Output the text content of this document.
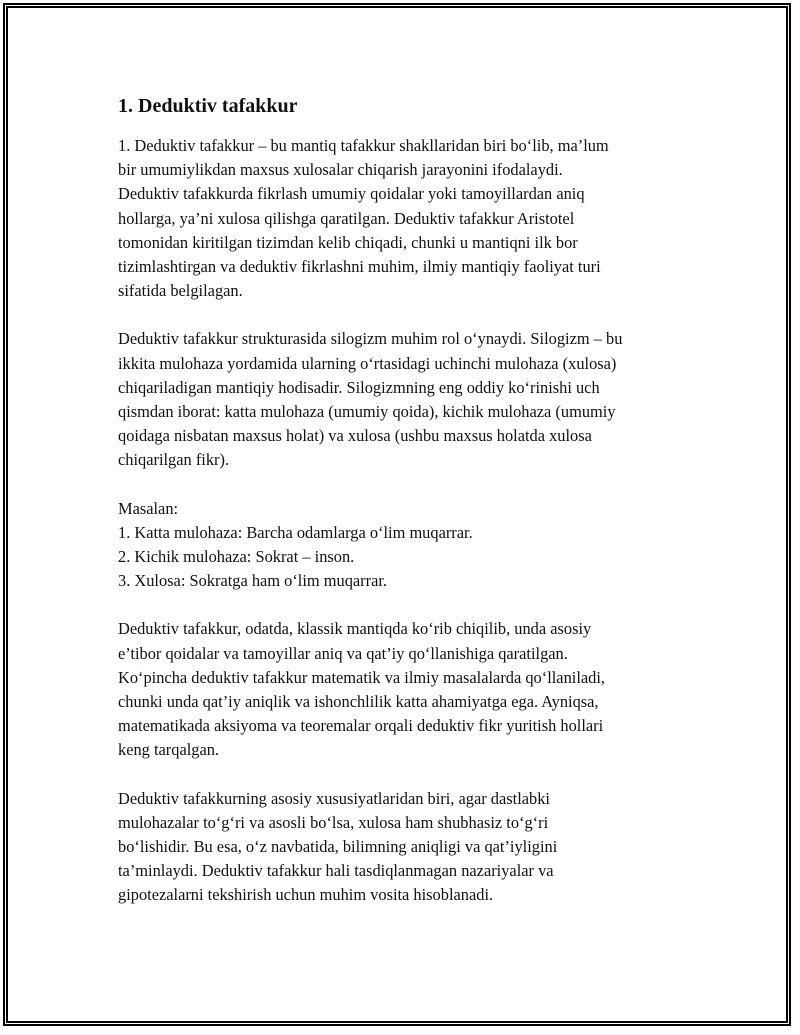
1. Deduktiv tafakkur
1. Deduktiv tafakkur – bu mantiq tafakkur shakllaridan biri bo‘lib, ma’lum
bir umumiylikdan maxsus xulosalar chiqarish jarayonini ifodalaydi.
Deduktiv tafakkurda fikrlash umumiy qoidalar yoki tamoyillardan aniq
hollarga, ya’ni xulosa qilishga qaratilgan. Deduktiv tafakkur Aristotel
tomonidan kiritilgan tizimdan kelib chiqadi, chunki u mantiqni ilk bor
tizimlashtirgan va deduktiv fikrlashni muhim, ilmiy mantiqiy faoliyat turi
sifatida belgilagan.
Deduktiv tafakkur strukturasida silogizm muhim rol o‘ynaydi. Silogizm – bu
ikkita mulohaza yordamida ularning o‘rtasidagi uchinchi mulohaza (xulosa)
chiqariladigan mantiqiy hodisadir. Silogizmning eng oddiy ko‘rinishi uch
qismdan iborat: katta mulohaza (umumiy qoida), kichik mulohaza (umumiy
qoidaga nisbatan maxsus holat) va xulosa (ushbu maxsus holatda xulosa
chiqarilgan fikr).
Masalan:
1. Katta mulohaza: Barcha odamlarga o‘lim muqarrar.
2. Kichik mulohaza: Sokrat – inson.
3. Xulosa: Sokratga ham o‘lim muqarrar.
Deduktiv tafakkur, odatda, klassik mantiqda ko‘rib chiqilib, unda asosiy
e’tibor qoidalar va tamoyillar aniq va qat’iy qo‘llanishiga qaratilgan.
Ko‘pincha deduktiv tafakkur matematik va ilmiy masalalarda qo‘llaniladi,
chunki unda qat’iy aniqlik va ishonchlilik katta ahamiyatga ega. Ayniqsa,
matematikada aksiyoma va teoremalar orqali deduktiv fikr yuritish hollari
keng tarqalgan.
Deduktiv tafakkurning asosiy xususiyatlaridan biri, agar dastlabki
mulohazalar to‘g‘ri va asosli bo‘lsa, xulosa ham shubhasiz to‘g‘ri
bo‘lishidir. Bu esa, o‘z navbatida, bilimning aniqligi va qat’iyligini
ta’minlaydi. Deduktiv tafakkur hali tasdiqlanmagan nazariyalar va
gipotezalarni tekshirish uchun muhim vosita hisoblanadi.
